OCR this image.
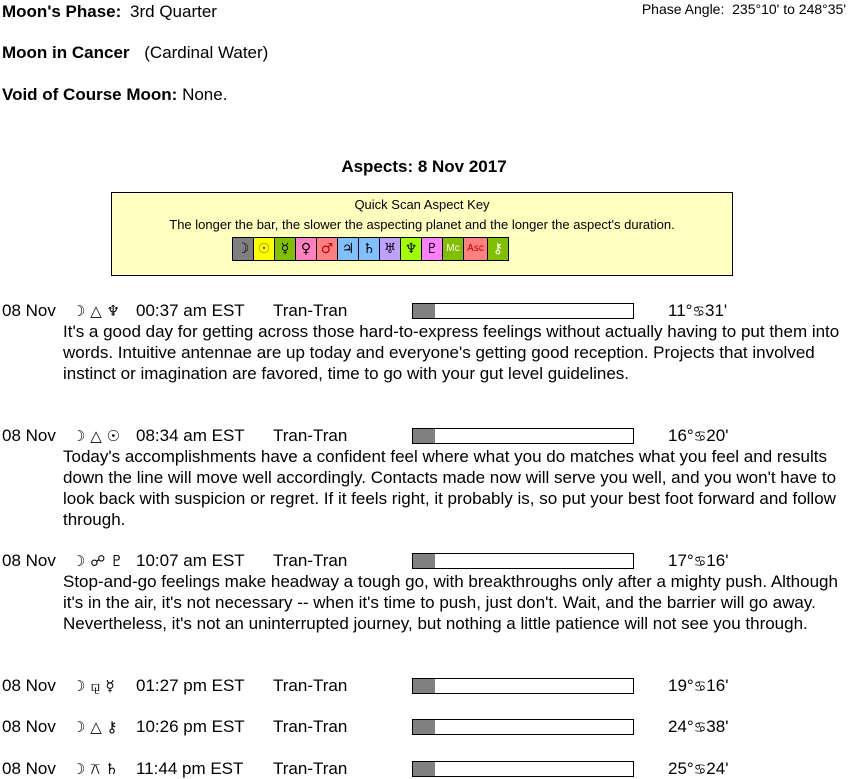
Moon's Phase: 3rd Quarter	Phase Angle:  235°10' to 248°35'
Moon in Cancer (Cardinal Water)
Void of Course Moon: None.
Aspects: 8 Nov 2017
Quick Scan Aspect Key
The longer the bar, the slower the aspecting planet and the longer the aspect's duration.
☽ ☉ ☿ ♀ ♂ ♃ ♄ ♅ ♆ ♇ Mc Asc ⚷
08 Nov ☽ △ ♆ 00:37 am EST Tran-Tran	11°♋31'
It's a good day for getting across those hard-to-express feelings without actually having to put them into words. Intuitive antennae are up today and everyone's getting good reception. Projects that involved instinct or imagination are favored, time to go with your gut level guidelines.
08 Nov ☽ △ ☉ 08:34 am EST Tran-Tran	16°♋20'
Today's accomplishments have a confident feel where what you do matches what you feel and results down the line will move well accordingly. Contacts made now will serve you well, and you won't have to look back with suspicion or regret. If it feels right, it probably is, so put your best foot forward and follow through.
08 Nov ☽ ☍ ♇ 10:07 am EST Tran-Tran	17°♋16'
Stop-and-go feelings make headway a tough go, with breakthroughs only after a mighty push. Although it's in the air, it's not necessary -- when it's time to push, just don't. Wait, and the barrier will go away. Nevertheless, it's not an uninterrupted journey, but nothing a little patience will not see you through.
08 Nov ☽ ⚼ ☿ 01:27 pm EST Tran-Tran	19°♋16'
08 Nov ☽ △ ⚷ 10:26 pm EST Tran-Tran	24°♋38'
08 Nov ☽ ⚻ ♄ 11:44 pm EST Tran-Tran	25°♋24'
